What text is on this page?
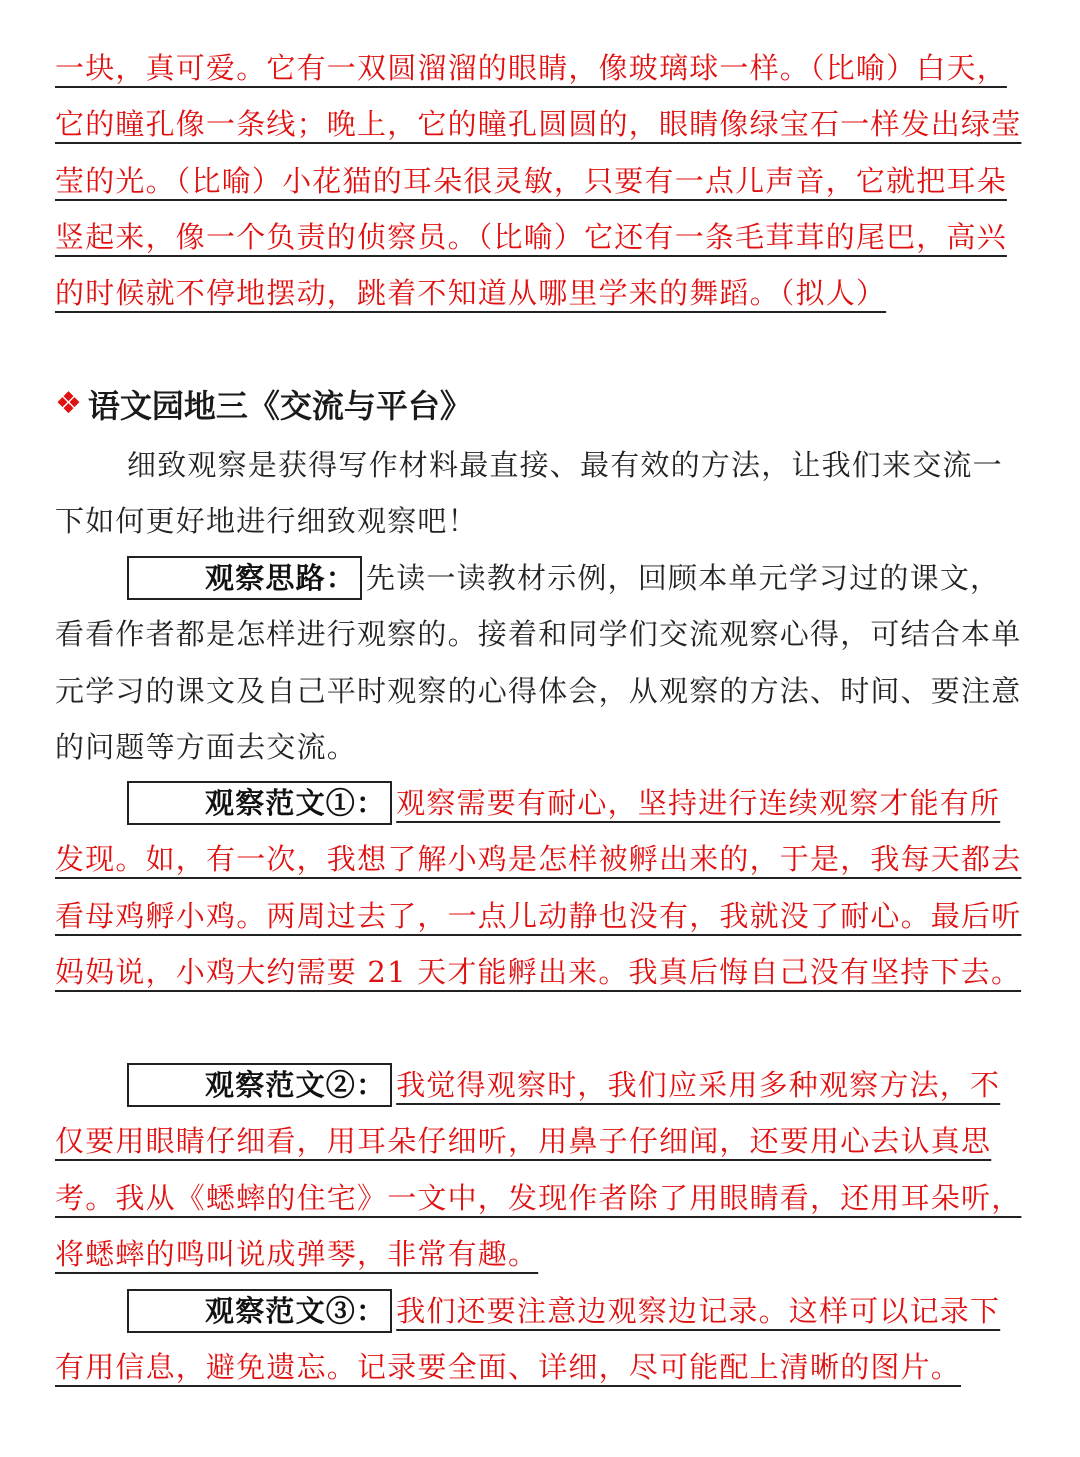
一块，真可爱。它有一双圆溜溜的眼睛，像玻璃球一样。（比喻）白天，它的瞳孔像一条线；晚上，它的瞳孔圆圆的，眼睛像绿宝石一样发出绿莹莹的光。（比喻）小花猫的耳朵很灵敏，只要有一点儿声音，它就把耳朵竖起来，像一个负责的侦察员。（比喻）它还有一条毛茸茸的尾巴，高兴的时候就不停地摆动，跳着不知道从哪里学来的舞蹈。（拟人）
❖ 语文园地三《交流与平台》
细致观察是获得写作材料最直接、最有效的方法，让我们来交流一下如何更好地进行细致观察吧！
观察思路： 先读一读教材示例，回顾本单元学习过的课文，看看作者都是怎样进行观察的。接着和同学们交流观察心得，可结合本单元学习的课文及自己平时观察的心得体会，从观察的方法、时间、要注意的问题等方面去交流。
观察范文①： 观察需要有耐心，坚持进行连续观察才能有所发现。如，有一次，我想了解小鸡是怎样被孵出来的，于是，我每天都去看母鸡孵小鸡。两周过去了，一点儿动静也没有，我就没了耐心。最后听妈妈说，小鸡大约需要 21 天才能孵出来。我真后悔自己没有坚持下去。
观察范文②： 我觉得观察时，我们应采用多种观察方法，不仅要用眼睛仔细看，用耳朵仔细听，用鼻子仔细闻，还要用心去认真思考。我从《蟋蟀的住宅》一文中，发现作者除了用眼睛看，还用耳朵听，将蟋蟀的鸣叫说成弹琴，非常有趣。
观察范文③： 我们还要注意边观察边记录。这样可以记录下有用信息，避免遗忘。记录要全面、详细，尽可能配上清晰的图片。
